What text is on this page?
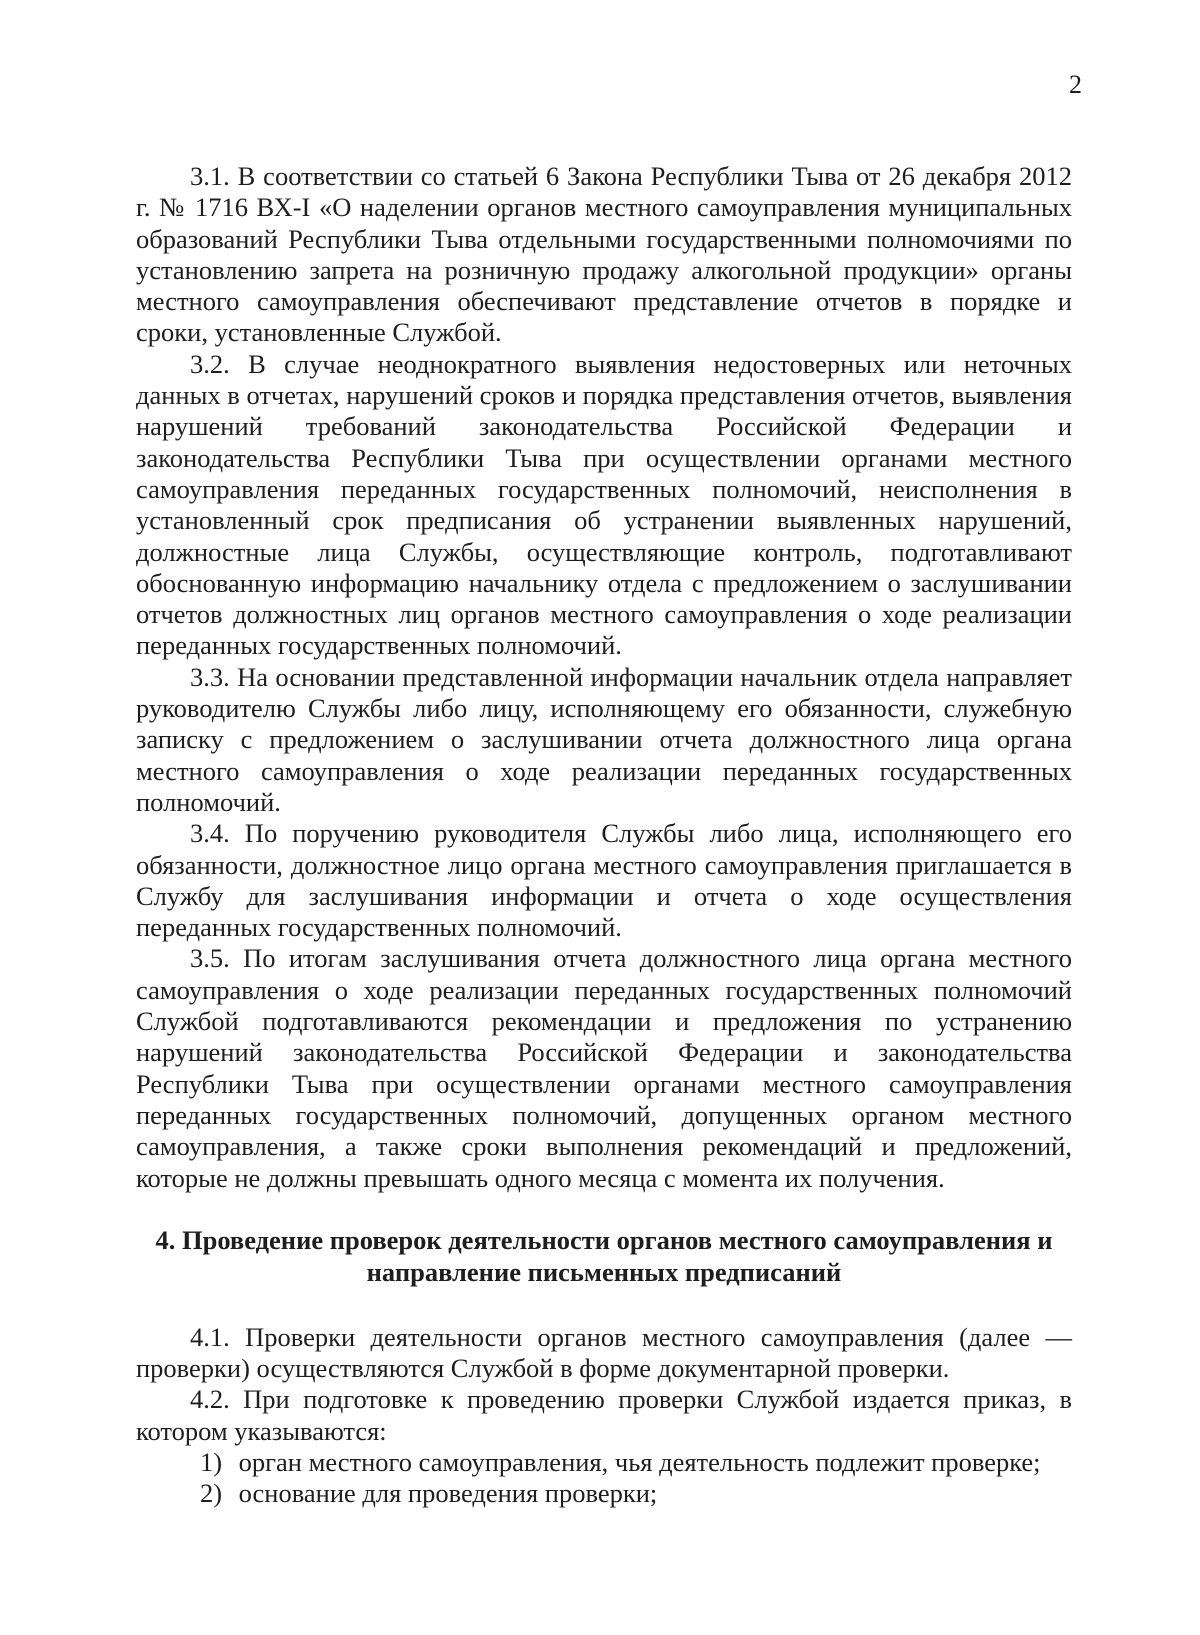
2

3.1. В соответствии со статьей 6 Закона Республики Тыва от 26 декабря 2012 г. № 1716 ВХ-I «О наделении органов местного самоуправления муниципальных образований Республики Тыва отдельными государственными полномочиями по установлению запрета на розничную продажу алкогольной продукции» органы местного самоуправления обеспечивают представление отчетов в порядке и сроки, установленные Службой.

3.2. В случае неоднократного выявления недостоверных или неточных данных в отчетах, нарушений сроков и порядка представления отчетов, выявления нарушений требований законодательства Российской Федерации и законодательства Республики Тыва при осуществлении органами местного самоуправления переданных государственных полномочий, неисполнения в установленный срок предписания об устранении выявленных нарушений, должностные лица Службы, осуществляющие контроль, подготавливают обоснованную информацию начальнику отдела с предложением о заслушивании отчетов должностных лиц органов местного самоуправления о ходе реализации переданных государственных полномочий.

3.3. На основании представленной информации начальник отдела направляет руководителю Службы либо лицу, исполняющему его обязанности, служебную записку с предложением о заслушивании отчета должностного лица органа местного самоуправления о ходе реализации переданных государственных полномочий.

3.4. По поручению руководителя Службы либо лица, исполняющего его обязанности, должностное лицо органа местного самоуправления приглашается в Службу для заслушивания информации и отчета о ходе осуществления переданных государственных полномочий.

3.5. По итогам заслушивания отчета должностного лица органа местного самоуправления о ходе реализации переданных государственных полномочий Службой подготавливаются рекомендации и предложения по устранению нарушений законодательства Российской Федерации и законодательства Республики Тыва при осуществлении органами местного самоуправления переданных государственных полномочий, допущенных органом местного самоуправления, а также сроки выполнения рекомендаций и предложений, которые не должны превышать одного месяца с момента их получения.

4. Проведение проверок деятельности органов местного самоуправления и
направление письменных предписаний

4.1. Проверки деятельности органов местного самоуправления (далее — проверки) осуществляются Службой в форме документарной проверки.

4.2. При подготовке к проведению проверки Службой издается приказ, в котором указываются:

1) орган местного самоуправления, чья деятельность подлежит проверке;

2) основание для проведения проверки;
